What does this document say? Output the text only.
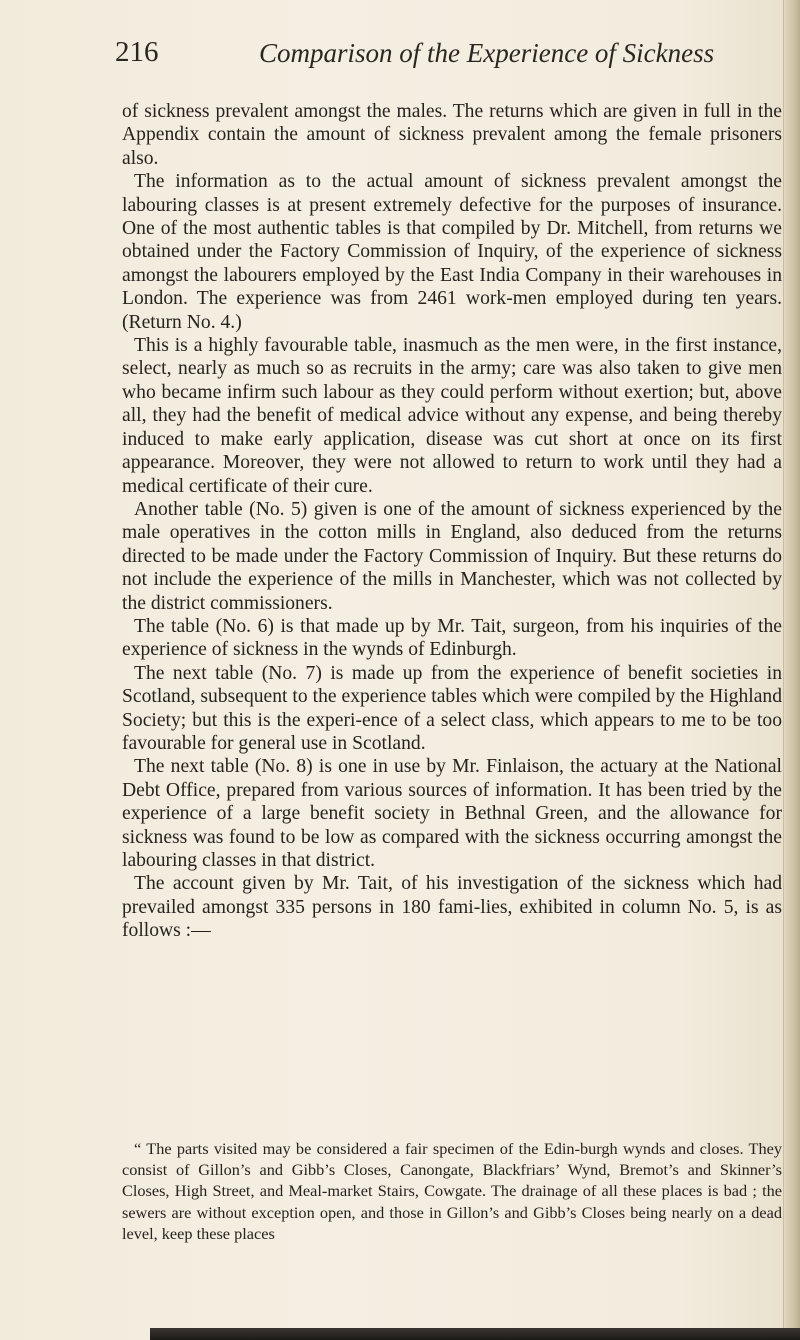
216	Comparison of the Experience of Sickness

of sickness prevalent amongst the males. The returns which are given in full in the Appendix contain the amount of sickness prevalent among the female prisoners also.

The information as to the actual amount of sickness prevalent amongst the labouring classes is at present extremely defective for the purposes of insurance. One of the most authentic tables is that compiled by Dr. Mitchell, from returns we obtained under the Factory Commission of Inquiry, of the experience of sickness amongst the labourers employed by the East India Company in their warehouses in London. The experience was from 2461 work-men employed during ten years. (Return No. 4.)

This is a highly favourable table, inasmuch as the men were, in the first instance, select, nearly as much so as recruits in the army; care was also taken to give men who became infirm such labour as they could perform without exertion; but, above all, they had the benefit of medical advice without any expense, and being thereby induced to make early application, disease was cut short at once on its first appearance. Moreover, they were not allowed to return to work until they had a medical certificate of their cure.

Another table (No. 5) given is one of the amount of sickness experienced by the male operatives in the cotton mills in England, also deduced from the returns directed to be made under the Factory Commission of Inquiry. But these returns do not include the experience of the mills in Manchester, which was not collected by the district commissioners.

The table (No. 6) is that made up by Mr. Tait, surgeon, from his inquiries of the experience of sickness in the wynds of Edinburgh.

The next table (No. 7) is made up from the experience of benefit societies in Scotland, subsequent to the experience tables which were compiled by the Highland Society; but this is the experi-ence of a select class, which appears to me to be too favourable for general use in Scotland.

The next table (No. 8) is one in use by Mr. Finlaison, the actuary at the National Debt Office, prepared from various sources of information. It has been tried by the experience of a large benefit society in Bethnal Green, and the allowance for sickness was found to be low as compared with the sickness occurring amongst the labouring classes in that district.

The account given by Mr. Tait, of his investigation of the sickness which had prevailed amongst 335 persons in 180 fami-lies, exhibited in column No. 5, is as follows :—

“ The parts visited may be considered a fair specimen of the Edin-burgh wynds and closes. They consist of Gillon’s and Gibb’s Closes, Canongate, Blackfriars’ Wynd, Bremot’s and Skinner’s Closes, High Street, and Meal-market Stairs, Cowgate. The drainage of all these places is bad ; the sewers are without exception open, and those in Gillon’s and Gibb’s Closes being nearly on a dead level, keep these places
